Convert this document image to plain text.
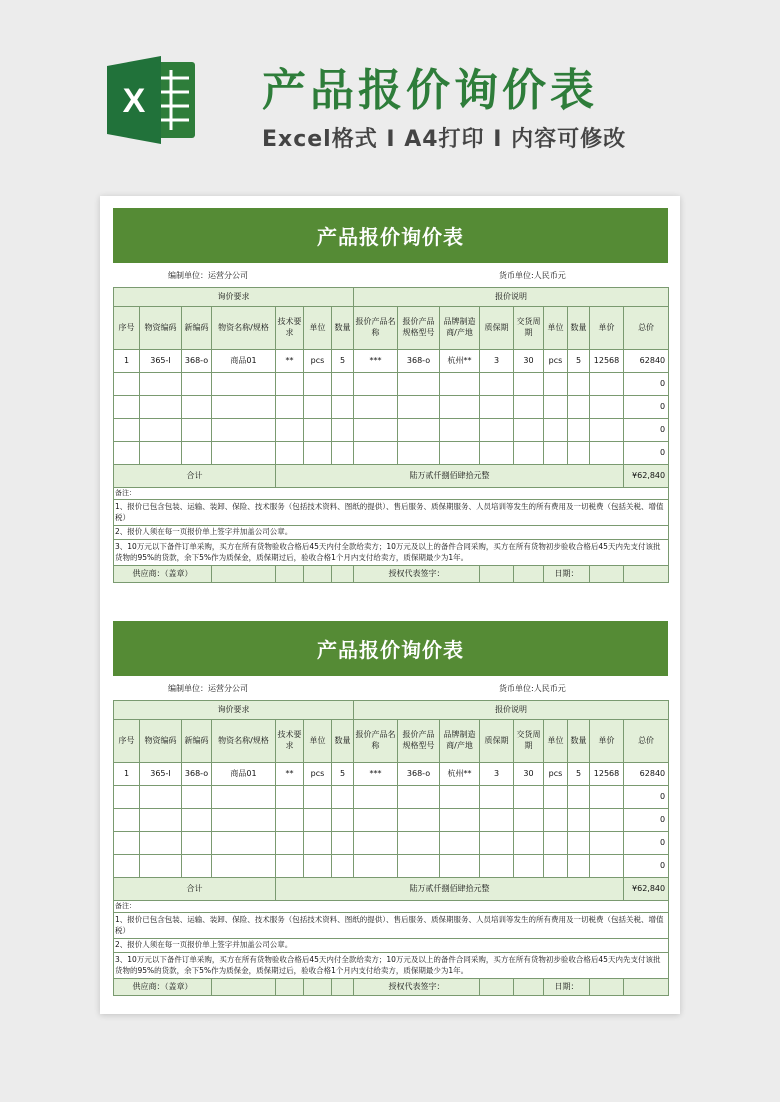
X	产品报价询价表
Excel格式 I A4打印 I 内容可修改
产品报价询价表
编制单位：运营分公司	货币单位:人民币元
询价要求							报价说明								
序号	物资编码	新编码	物资名称/规格	技术要求	单位	数量	报价产品名称	报价产品规格型号	品牌制造商/产地	质保期	交货周期	单位	数量	单价	总价
1	365-I	368-o	商品01	**	pcs	5	***	368-o	杭州**	3	30	pcs	5	12568	62840
															0
															0
															0
															0
合计				陆万贰仟捌佰肆拾元整											¥62,840
备注：															
1、报价已包含包装、运输、装卸、保险、技术服务（包括技术资料、图纸的提供）、售后服务、质保期服务、人员培训等发生的所有费用及一切税费（包括关税、增值税）															
2、报价人须在每一页报价单上签字并加盖公司公章。															
3、10万元以下备件订单采购，买方在所有货物验收合格后45天内付全款给卖方；10万元及以上的备件合同采购，买方在所有货物初步验收合格后45天内先支付该批货物的95%的货款，余下5%作为质保金，质保期过后，验收合格1个月内支付给卖方，质保期最少为1年。															
供应商：（盖章）							授权代表签字：					日期：			
产品报价询价表
编制单位：运营分公司	货币单位:人民币元
询价要求							报价说明								
序号	物资编码	新编码	物资名称/规格	技术要求	单位	数量	报价产品名称	报价产品规格型号	品牌制造商/产地	质保期	交货周期	单位	数量	单价	总价
1	365-I	368-o	商品01	**	pcs	5	***	368-o	杭州**	3	30	pcs	5	12568	62840
															0
															0
															0
															0
合计				陆万贰仟捌佰肆拾元整											¥62,840
备注：															
1、报价已包含包装、运输、装卸、保险、技术服务（包括技术资料、图纸的提供）、售后服务、质保期服务、人员培训等发生的所有费用及一切税费（包括关税、增值税）															
2、报价人须在每一页报价单上签字并加盖公司公章。															
3、10万元以下备件订单采购，买方在所有货物验收合格后45天内付全款给卖方；10万元及以上的备件合同采购，买方在所有货物初步验收合格后45天内先支付该批货物的95%的货款，余下5%作为质保金，质保期过后，验收合格1个月内支付给卖方，质保期最少为1年。															
供应商：（盖章）							授权代表签字：					日期：			
